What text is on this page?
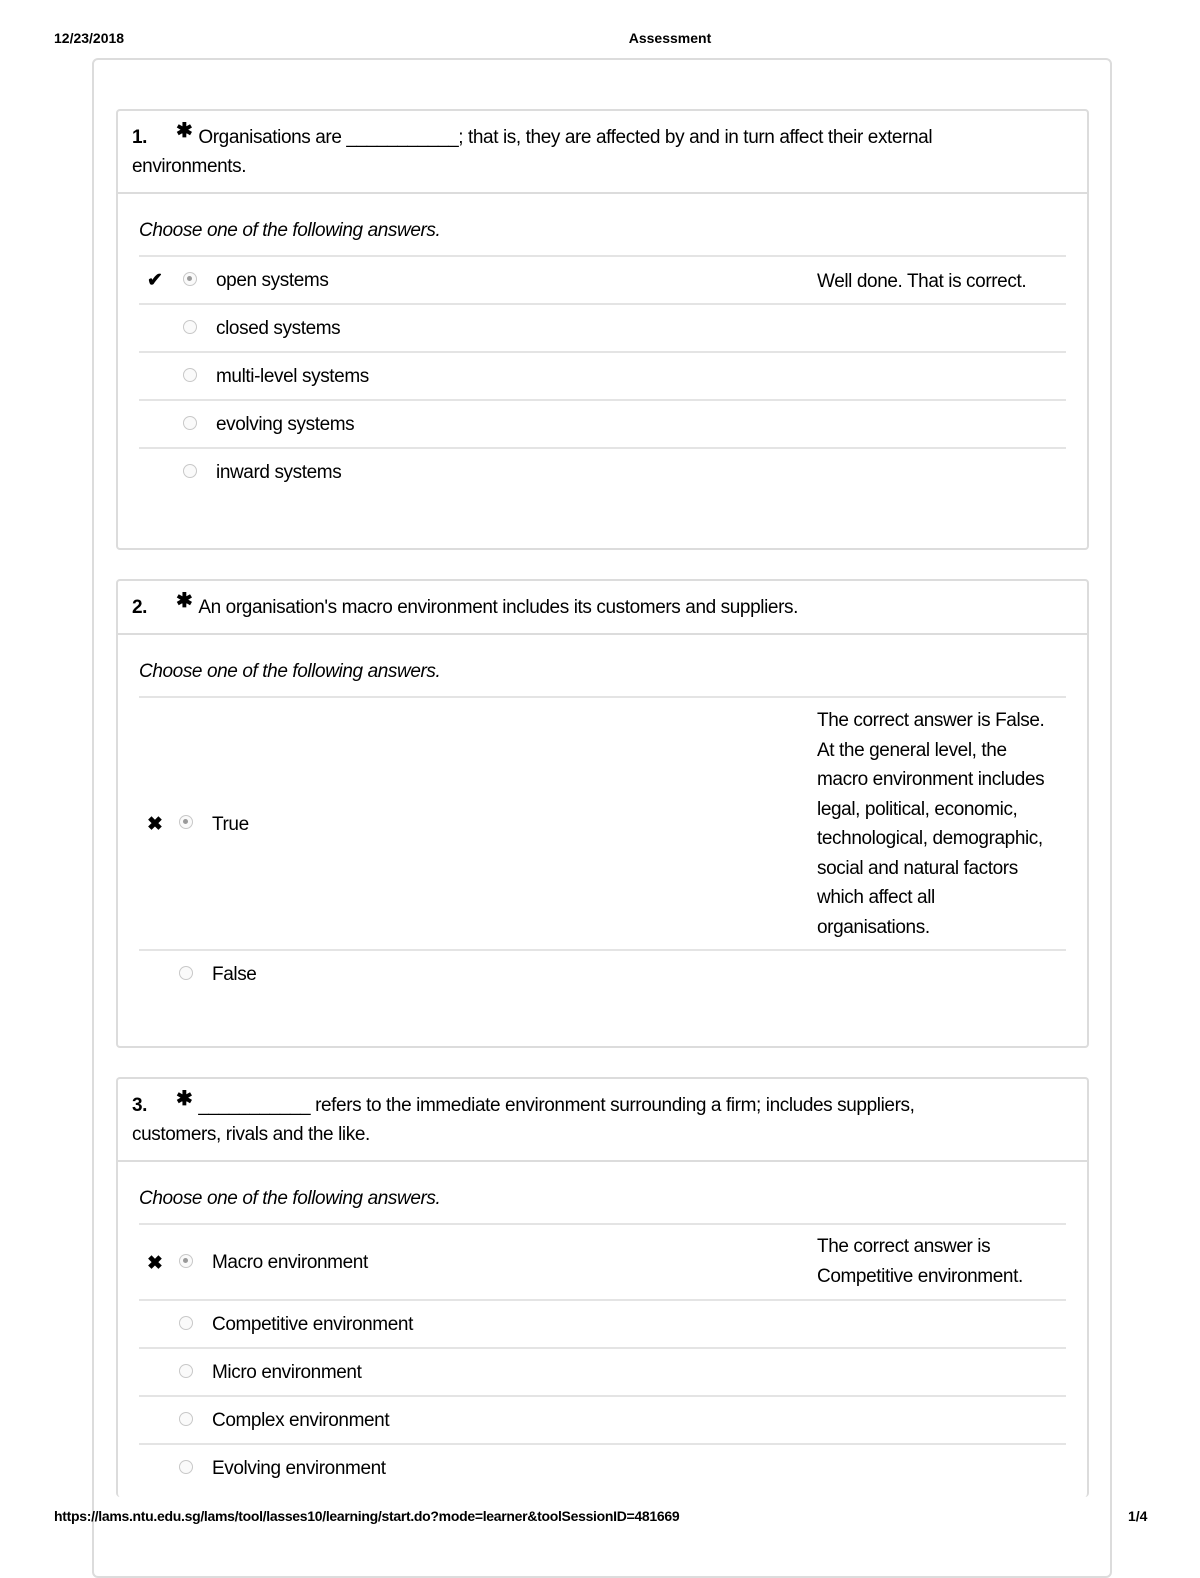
12/23/2018	Assessment
1. ✱ Organisations are ___________; that is, they are affected by and in turn affect their external
environments.
Choose one of the following answers.
✔	open systems	Well done. That is correct.
closed systems
multi-level systems
evolving systems
inward systems
2. ✱ An organisation's macro environment includes its customers and suppliers.
Choose one of the following answers.
✖	True
The correct answer is False.
At the general level, the
macro environment includes
legal, political, economic,
technological, demographic,
social and natural factors
which affect all
organisations.
False
3. ✱ ___________ refers to the immediate environment surrounding a firm; includes suppliers,
customers, rivals and the like.
Choose one of the following answers.
✖	Macro environment
The correct answer is
Competitive environment.
Competitive environment
Micro environment
Complex environment
Evolving environment
https://lams.ntu.edu.sg/lams/tool/lasses10/learning/start.do?mode=learner&toolSessionID=481669	1/4
